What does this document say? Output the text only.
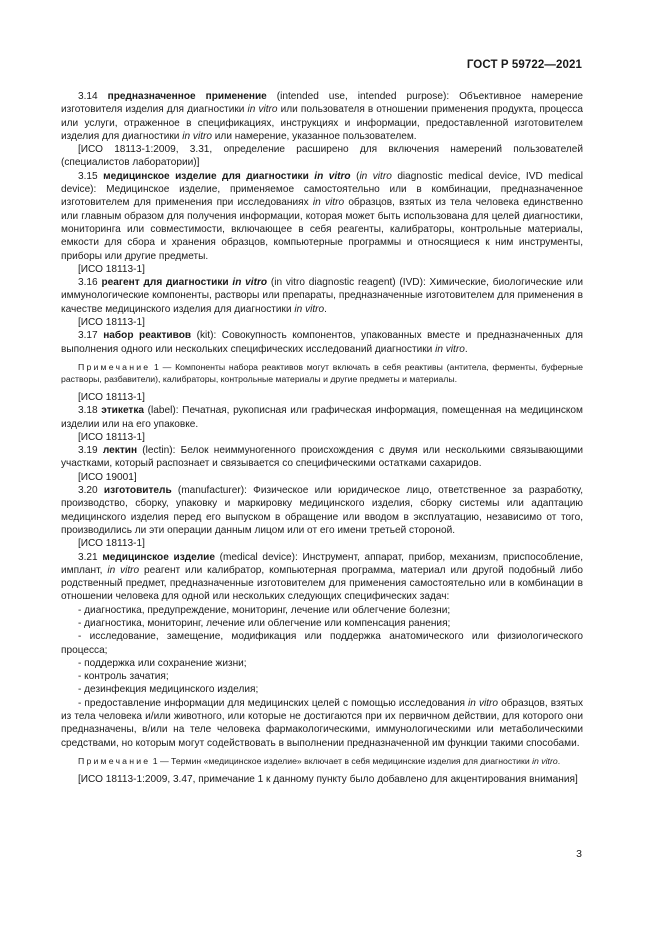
ГОСТ Р 59722—2021

3.14 предназначенное применение (intended use, intended purpose): Объективное намерение изготовителя изделия для диагностики in vitro или пользователя в отношении применения продукта, процесса или услуги, отраженное в спецификациях, инструкциях и информации, предоставленной изготовителем изделия для диагностики in vitro или намерение, указанное пользователем.

[ИСО 18113-1:2009, 3.31, определение расширено для включения намерений пользователей (специалистов лаборатории)]

3.15 медицинское изделие для диагностики in vitro (in vitro diagnostic medical device, IVD medical device): Медицинское изделие, применяемое самостоятельно или в комбинации, предназначенное изготовителем для применения при исследованиях in vitro образцов, взятых из тела человека единственно или главным образом для получения информации, которая может быть использована для целей диагностики, мониторинга или совместимости, включающее в себя реагенты, калибраторы, контрольные материалы, емкости для сбора и хранения образцов, компьютерные программы и относящиеся к ним инструменты, приборы или другие предметы.

[ИСО 18113-1]

3.16 реагент для диагностики in vitro (in vitro diagnostic reagent) (IVD): Химические, биологические или иммунологические компоненты, растворы или препараты, предназначенные изготовителем для применения в качестве медицинского изделия для диагностики in vitro.

[ИСО 18113-1]

3.17 набор реактивов (kit): Совокупность компонентов, упакованных вместе и предназначенных для выполнения одного или нескольких специфических исследований диагностики in vitro.

Примечание 1 — Компоненты набора реактивов могут включать в себя реактивы (антитела, ферменты, буферные растворы, разбавители), калибраторы, контрольные материалы и другие предметы и материалы.

[ИСО 18113-1]

3.18 этикетка (label): Печатная, рукописная или графическая информация, помещенная на медицинском изделии или на его упаковке.

[ИСО 18113-1]

3.19 лектин (lectin): Белок неиммуногенного происхождения с двумя или несколькими связывающими участками, который распознает и связывается со специфическими остатками сахаридов.

[ИСО 19001]

3.20 изготовитель (manufacturer): Физическое или юридическое лицо, ответственное за разработку, производство, сборку, упаковку и маркировку медицинского изделия, сборку системы или адаптацию медицинского изделия перед его выпуском в обращение или вводом в эксплуатацию, независимо от того, производились ли эти операции данным лицом или от его имени третьей стороной.

[ИСО 18113-1]

3.21 медицинское изделие (medical device): Инструмент, аппарат, прибор, механизм, приспособление, имплант, in vitro реагент или калибратор, компьютерная программа, материал или другой подобный либо родственный предмет, предназначенные изготовителем для применения самостоятельно или в комбинации в отношении человека для одной или нескольких следующих специфических задач:

- диагностика, предупреждение, мониторинг, лечение или облегчение болезни;

- диагностика, мониторинг, лечение или облегчение или компенсация ранения;

- исследование, замещение, модификация или поддержка анатомического или физиологического процесса;

- поддержка или сохранение жизни;

- контроль зачатия;

- дезинфекция медицинского изделия;

- предоставление информации для медицинских целей с помощью исследования in vitro образцов, взятых из тела человека и/или животного, или которые не достигаются при их первичном действии, для которого они предназначены, в/или на теле человека фармакологическими, иммунологическими или метаболическими средствами, но которым могут содействовать в выполнении предназначенной им функции такими способами.

Примечание 1 — Термин «медицинское изделие» включает в себя медицинские изделия для диагностики in vitro.

[ИСО 18113-1:2009, 3.47, примечание 1 к данному пункту было добавлено для акцентирования внимания]

3
